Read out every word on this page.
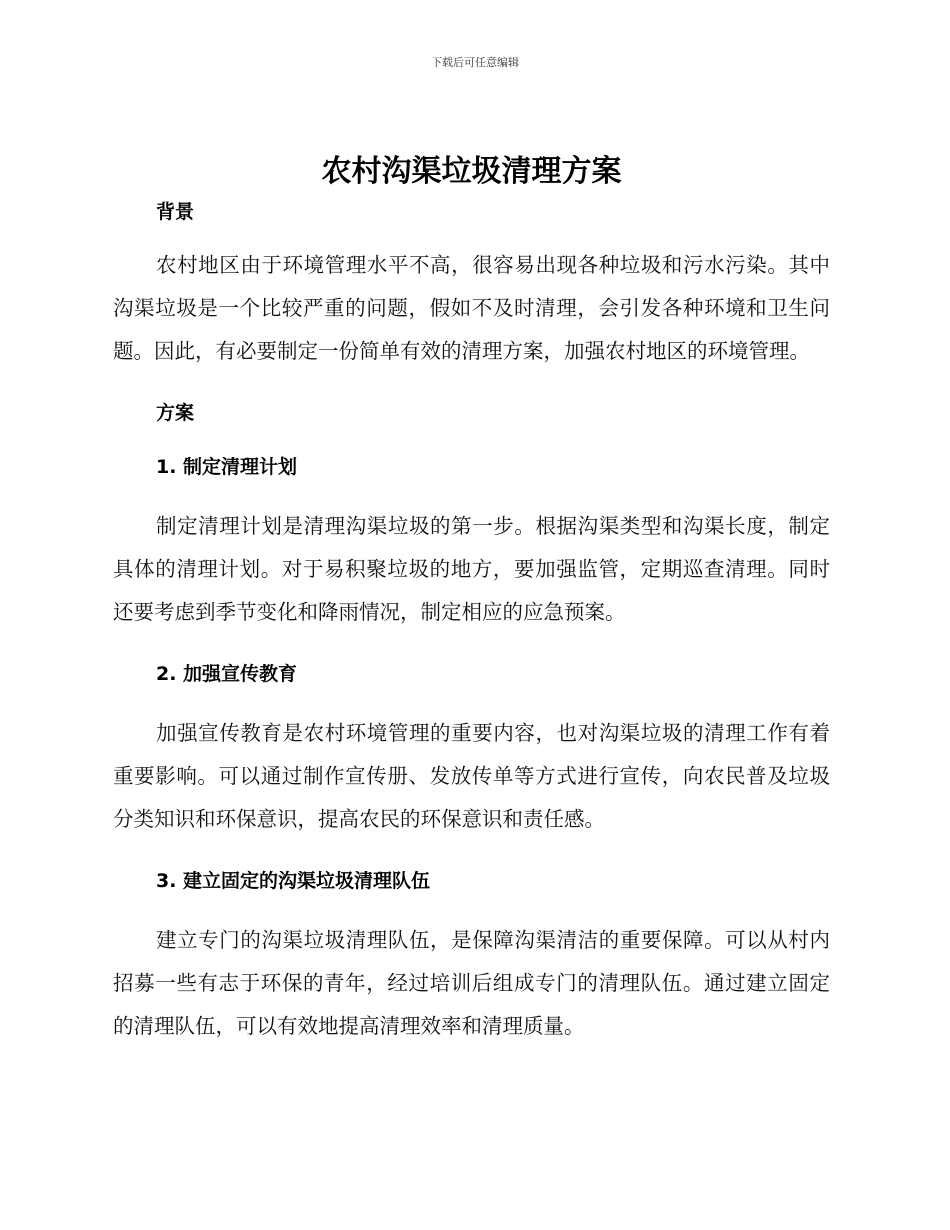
下载后可任意编辑
农村沟渠垃圾清理方案
背景

农村地区由于环境管理水平不高，很容易出现各种垃圾和污水污染。其中沟渠垃圾是一个比较严重的问题，假如不及时清理，会引发各种环境和卫生问题。因此，有必要制定一份简单有效的清理方案，加强农村地区的环境管理。

方案
1. 制定清理计划

制定清理计划是清理沟渠垃圾的第一步。根据沟渠类型和沟渠长度，制定具体的清理计划。对于易积聚垃圾的地方，要加强监管，定期巡查清理。同时还要考虑到季节变化和降雨情况，制定相应的应急预案。

2. 加强宣传教育

加强宣传教育是农村环境管理的重要内容，也对沟渠垃圾的清理工作有着重要影响。可以通过制作宣传册、发放传单等方式进行宣传，向农民普及垃圾分类知识和环保意识，提高农民的环保意识和责任感。

3. 建立固定的沟渠垃圾清理队伍

建立专门的沟渠垃圾清理队伍，是保障沟渠清洁的重要保障。可以从村内招募一些有志于环保的青年，经过培训后组成专门的清理队伍。通过建立固定的清理队伍，可以有效地提高清理效率和清理质量。
